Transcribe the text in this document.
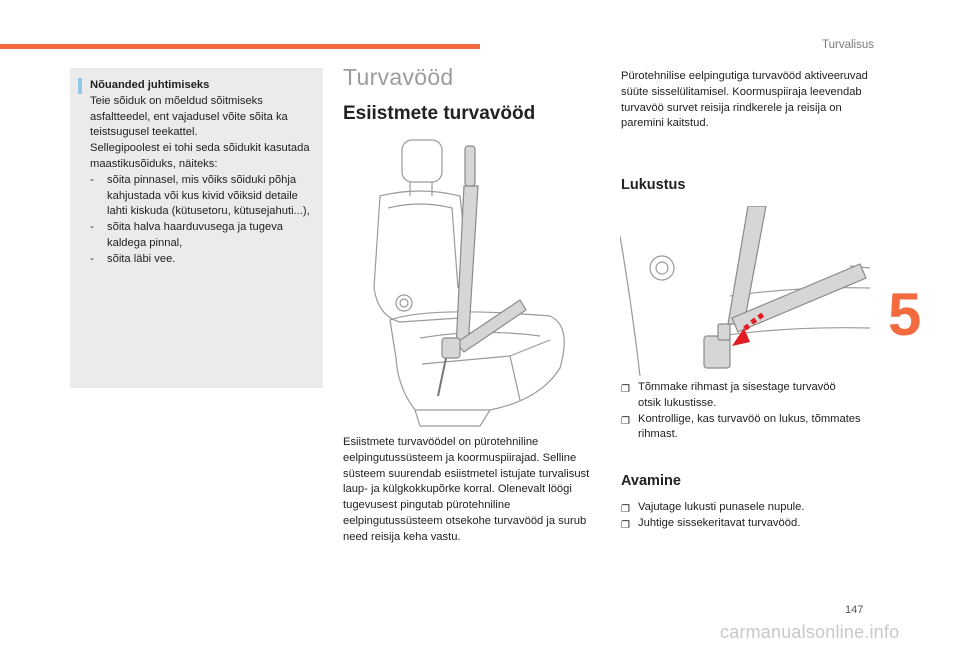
Turvalisus
Nõuanded juhtimiseks
Teie sõiduk on mõeldud sõitmiseks asfaltteedel, ent vajadusel võite sõita ka teistsugusel teekattel.
Sellegipoolest ei tohi seda sõidukit kasutada maastikusõiduks, näiteks:
- sõita pinnasel, mis võiks sõiduki põhja kahjustada või kus kivid võiksid detaile lahti kiskuda (kütusetoru, kütusejahuti...),
- sõita halva haarduvusega ja tugeva kaldega pinnal,
- sõita läbi vee.
Turvavööd
Esiistmete turvavööd
Esiistmete turvavöödel on pürotehniline eelpingutussüsteem ja koormuspiirajad. Selline süsteem suurendab esiistmetel istujate turvalisust laup- ja külgkokkupõrke korral. Olenevalt löögi tugevusest pingutab pürotehniline eelpingutussüsteem otsekohe turvavööd ja surub need reisija keha vastu.
Pürotehnilise eelpingutiga turvavööd aktiveeruvad süüte sisselülitamisel. Koormuspiiraja leevendab turvavöö survet reisija rindkerele ja reisija on paremini kaitstud.
Lukustus
❐ Tõmmake rihmast ja sisestage turvavöö otsik lukustisse.
❐ Kontrollige, kas turvavöö on lukus, tõmmates rihmast.
Avamine
❐ Vajutage lukusti punasele nupule.
❐ Juhtige sissekeritavat turvavööd.
5
147
carmanualsonline.info
